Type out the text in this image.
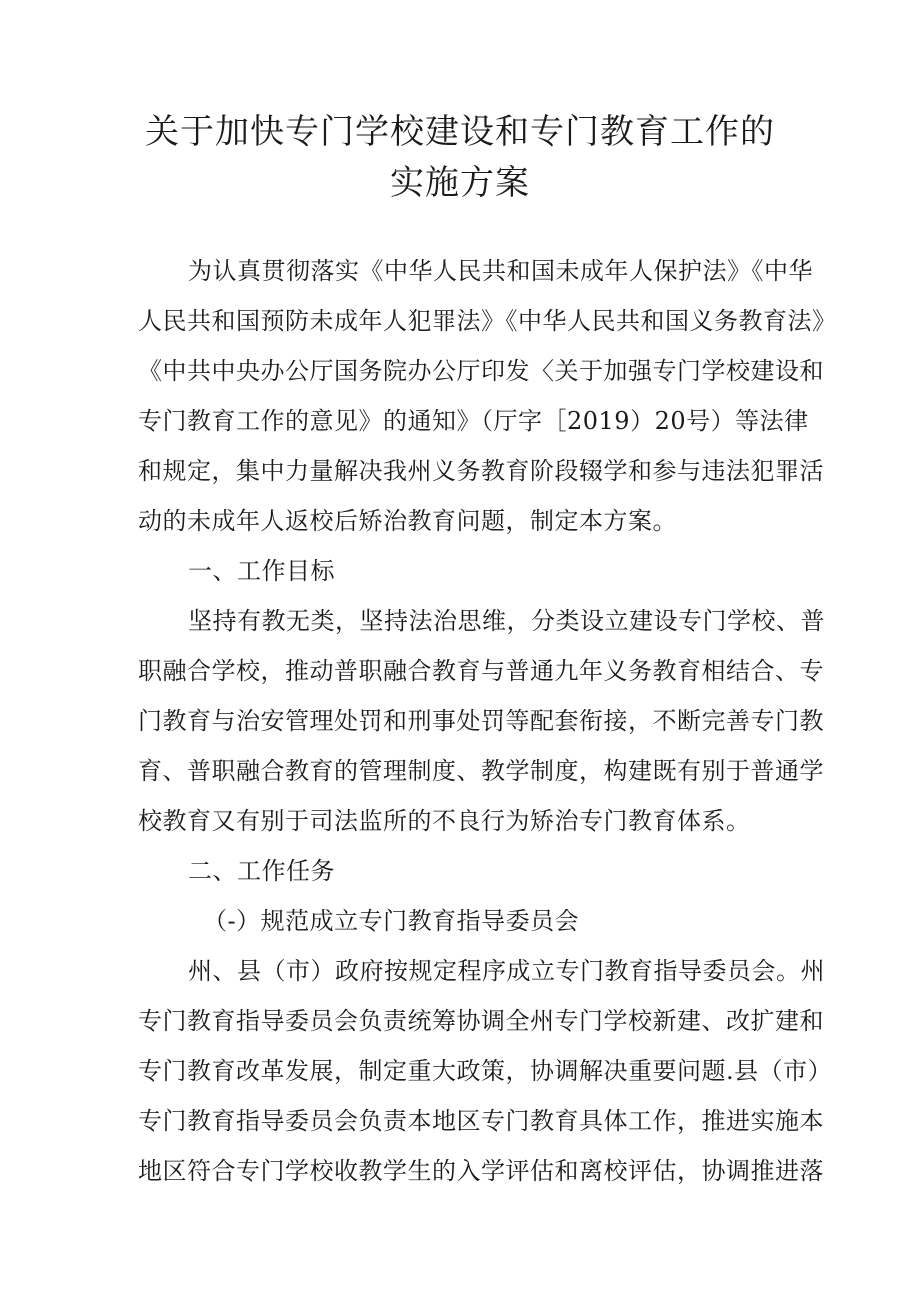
关于加快专门学校建设和专门教育工作的
实施方案
为认真贯彻落实《中华人民共和国未成年人保护法》《中华
人民共和国预防未成年人犯罪法》《中华人民共和国义务教育法》
《中共中央办公厅国务院办公厅印发〈关于加强专门学校建设和
专门教育工作的意见》的通知》（厅字［2019）20号）等法律
和规定，集中力量解决我州义务教育阶段辍学和参与违法犯罪活
动的未成年人返校后矫治教育问题，制定本方案。
一、工作目标
坚持有教无类，坚持法治思维，分类设立建设专门学校、普
职融合学校，推动普职融合教育与普通九年义务教育相结合、专
门教育与治安管理处罚和刑事处罚等配套衔接，不断完善专门教
育、普职融合教育的管理制度、教学制度，构建既有别于普通学
校教育又有别于司法监所的不良行为矫治专门教育体系。
二、工作任务
（-）规范成立专门教育指导委员会
州、县（市）政府按规定程序成立专门教育指导委员会。州
专门教育指导委员会负责统筹协调全州专门学校新建、改扩建和
专门教育改革发展，制定重大政策，协调解决重要问题.县（市）
专门教育指导委员会负责本地区专门教育具体工作，推进实施本
地区符合专门学校收教学生的入学评估和离校评估，协调推进落
